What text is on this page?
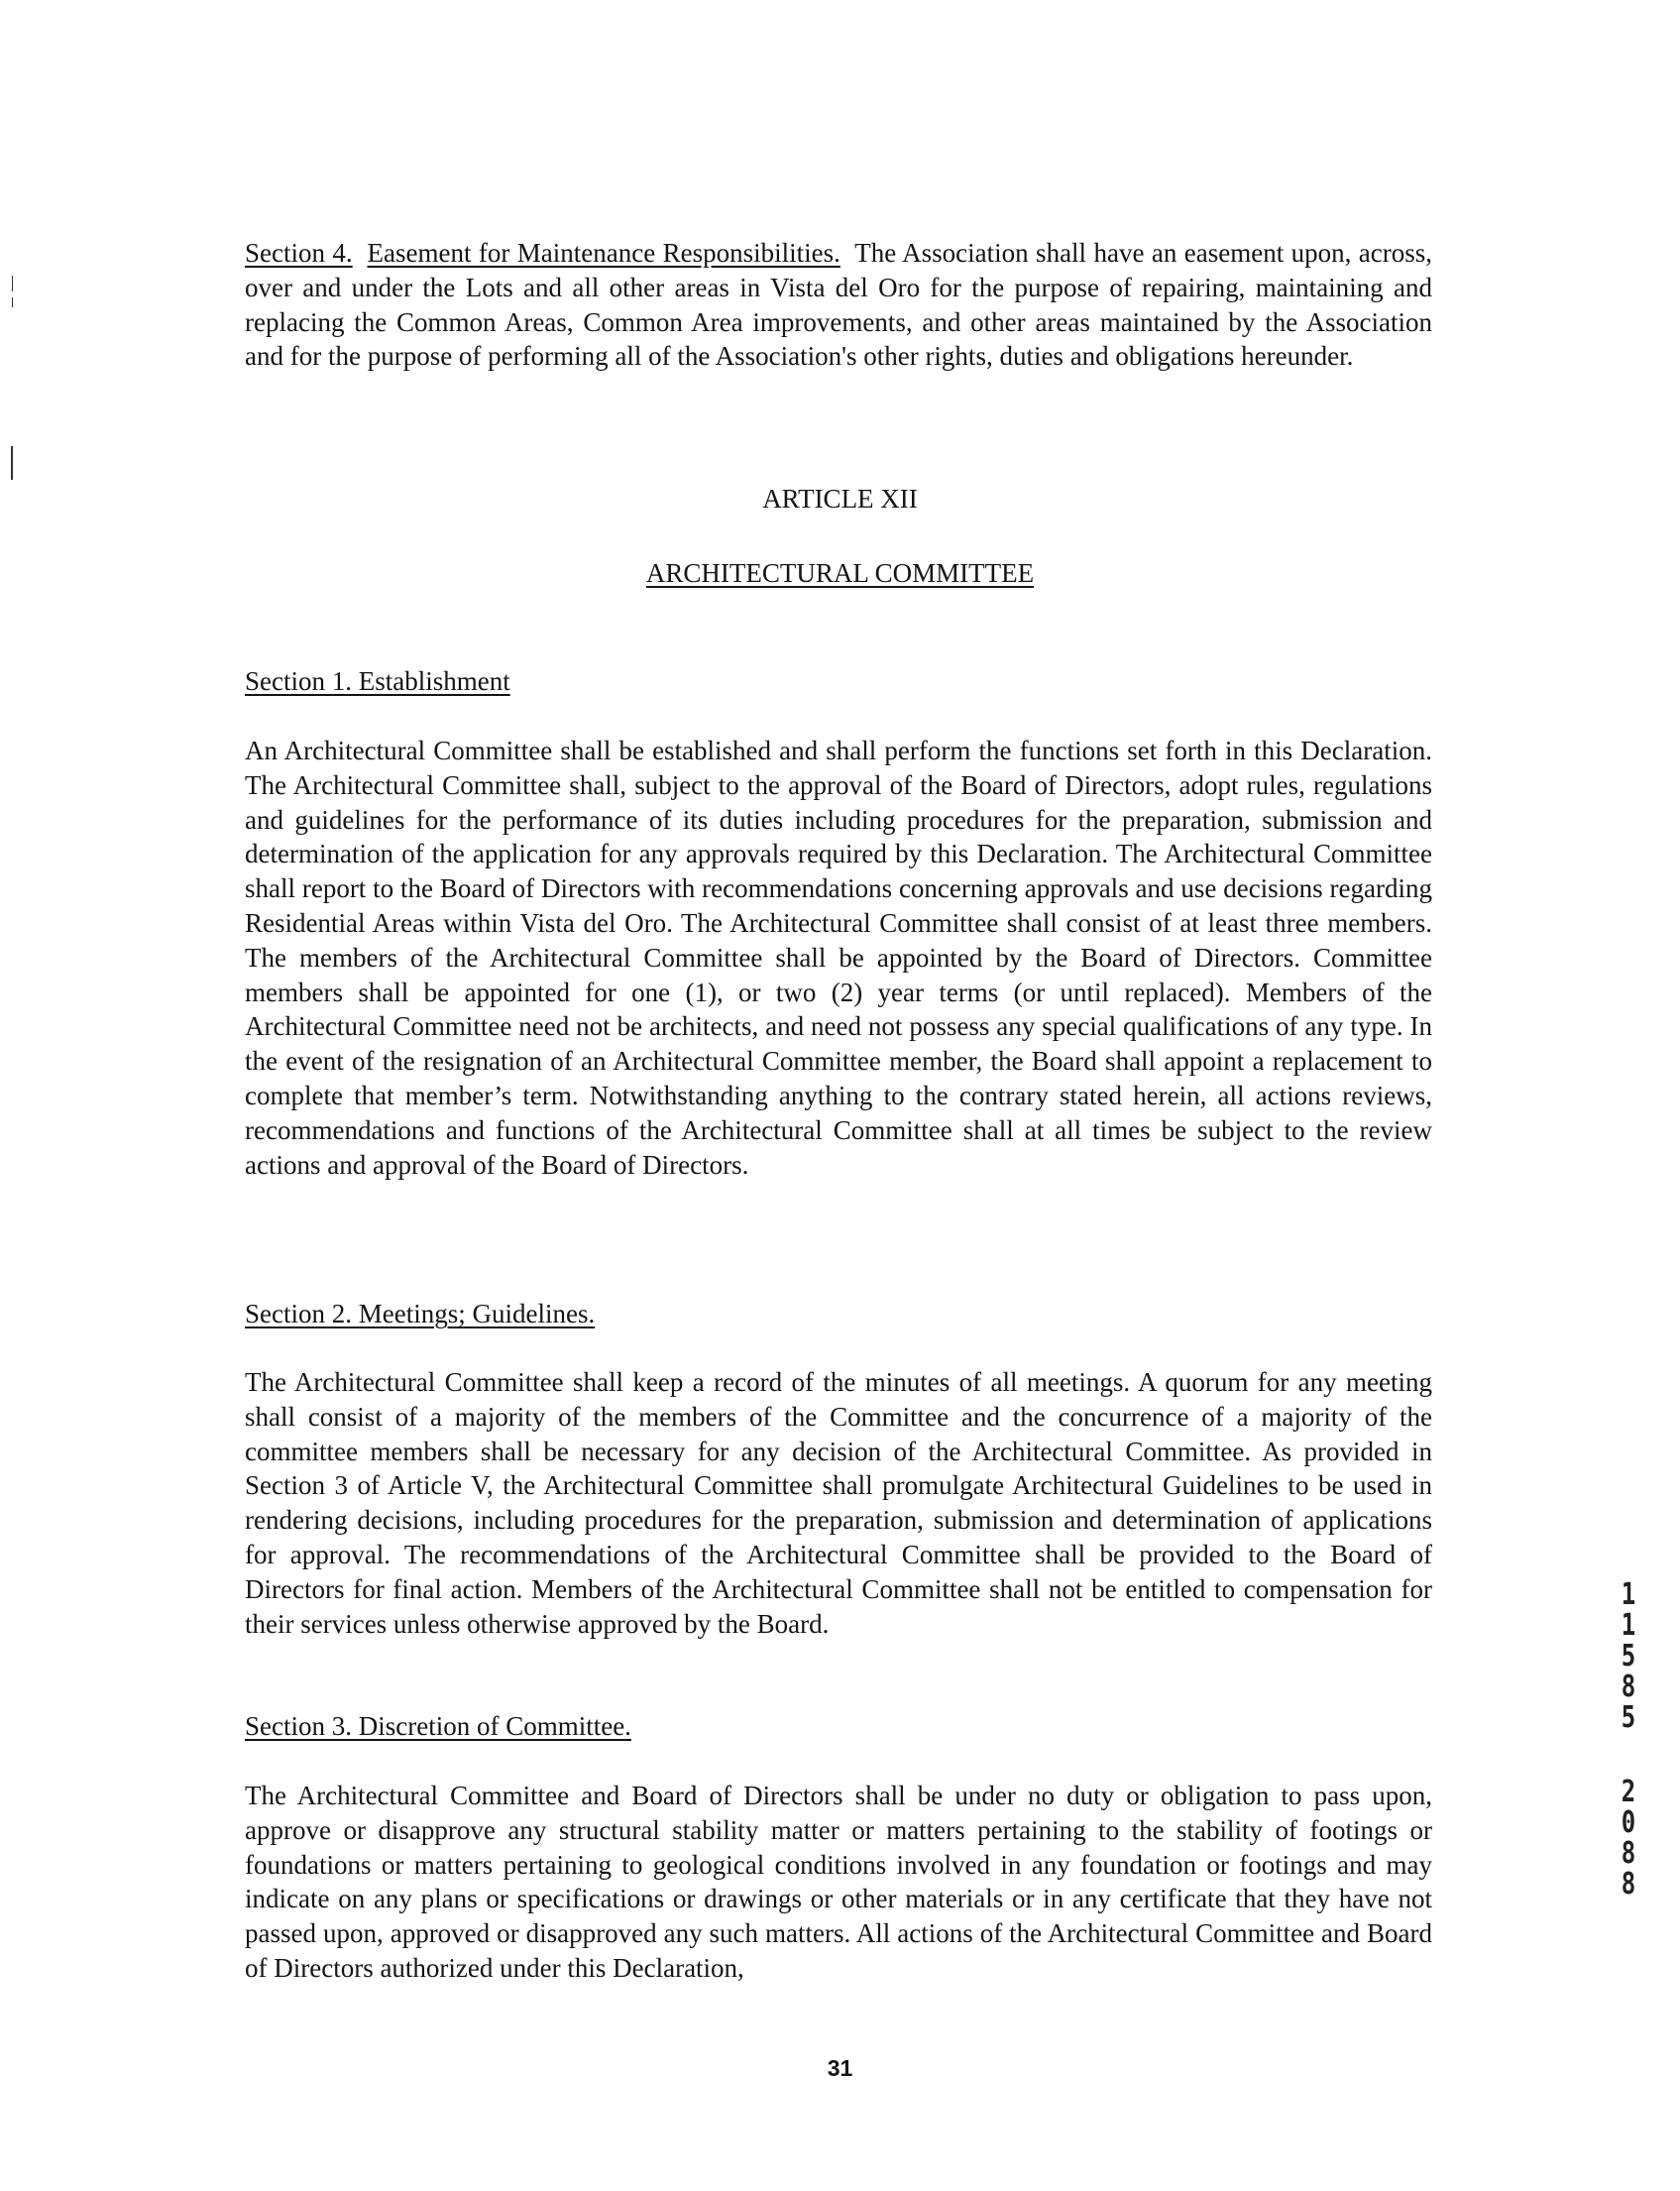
Section 4. Easement for Maintenance Responsibilities. The Association shall have an easement upon, across, over and under the Lots and all other areas in Vista del Oro for the purpose of repairing, maintaining and replacing the Common Areas, Common Area improvements, and other areas maintained by the Association and for the purpose of performing all of the Association's other rights, duties and obligations hereunder.

ARTICLE XII

ARCHITECTURAL COMMITTEE

Section 1. Establishment

An Architectural Committee shall be established and shall perform the functions set forth in this Declaration. The Architectural Committee shall, subject to the approval of the Board of Directors, adopt rules, regulations and guidelines for the performance of its duties including procedures for the preparation, submission and determination of the application for any approvals required by this Declaration. The Architectural Committee shall report to the Board of Directors with recommendations concerning approvals and use decisions regarding Residential Areas within Vista del Oro. The Architectural Committee shall consist of at least three members. The members of the Architectural Committee shall be appointed by the Board of Directors. Committee members shall be appointed for one (1), or two (2) year terms (or until replaced). Members of the Architectural Committee need not be architects, and need not possess any special qualifications of any type. In the event of the resignation of an Architectural Committee member, the Board shall appoint a replacement to complete that member’s term. Notwithstanding anything to the contrary stated herein, all actions reviews, recommendations and functions of the Architectural Committee shall at all times be subject to the review actions and approval of the Board of Directors.

Section 2. Meetings; Guidelines.

The Architectural Committee shall keep a record of the minutes of all meetings. A quorum for any meeting shall consist of a majority of the members of the Committee and the concurrence of a majority of the committee members shall be necessary for any decision of the Architectural Committee. As provided in Section 3 of Article V, the Architectural Committee shall promulgate Architectural Guidelines to be used in rendering decisions, including procedures for the preparation, submission and determination of applications for approval. The recommendations of the Architectural Committee shall be provided to the Board of Directors for final action. Members of the Architectural Committee shall not be entitled to compensation for their services unless otherwise approved by the Board.

Section 3. Discretion of Committee.

The Architectural Committee and Board of Directors shall be under no duty or obligation to pass upon, approve or disapprove any structural stability matter or matters pertaining to the stability of footings or foundations or matters pertaining to geological conditions involved in any foundation or footings and may indicate on any plans or specifications or drawings or other materials or in any certificate that they have not passed upon, approved or disapproved any such matters. All actions of the Architectural Committee and Board of Directors authorized under this Declaration,

31
1
1
5
8
5
2
0
8
8
